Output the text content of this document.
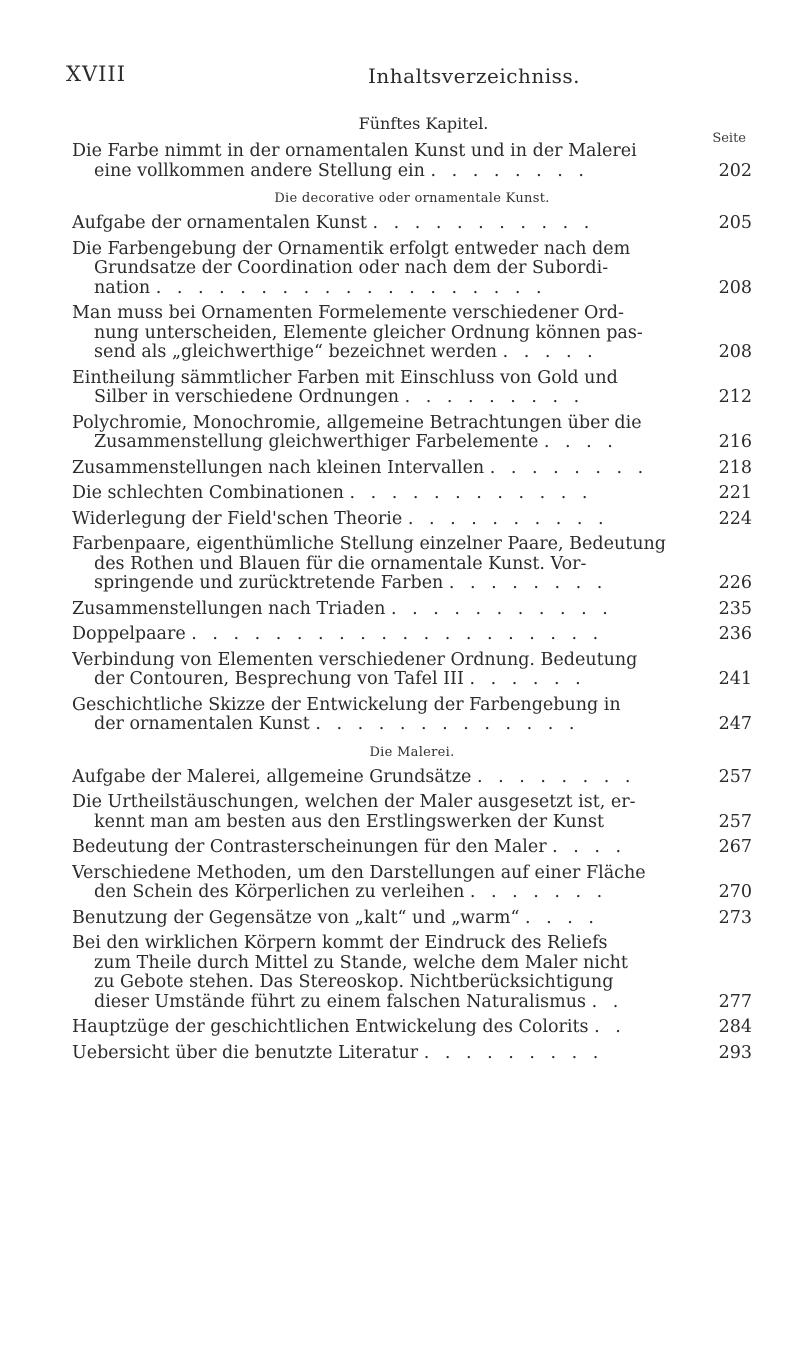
XVIII	Inhaltsverzeichniss.
Fünftes Kapitel.
Seite
Die Farbe nimmt in der ornamentalen Kunst und in der Malerei
eine vollkommen andere Stellung ein . . . . . . . .	202
Die decorative oder ornamentale Kunst.
Aufgabe der ornamentalen Kunst . . . . . . . . . . .	205
Die Farbengebung der Ornamentik erfolgt entweder nach dem
Grundsatze der Coordination oder nach dem der Subordi-
nation . . . . . . . . . . . . . . . . . . .	208
Man muss bei Ornamenten Formelemente verschiedener Ord-
nung unterscheiden, Elemente gleicher Ordnung können pas-
send als „gleichwerthige“ bezeichnet werden . . . . .	208
Eintheilung sämmtlicher Farben mit Einschluss von Gold und
Silber in verschiedene Ordnungen . . . . . . . . .	212
Polychromie, Monochromie, allgemeine Betrachtungen über die
Zusammenstellung gleichwerthiger Farbelemente . . . .	216
Zusammenstellungen nach kleinen Intervallen . . . . . . . .	218
Die schlechten Combinationen . . . . . . . . . . . .	221
Widerlegung der Field'schen Theorie . . . . . . . . . .	224
Farbenpaare, eigenthümliche Stellung einzelner Paare, Bedeutung
des Rothen und Blauen für die ornamentale Kunst. Vor-
springende und zurücktretende Farben . . . . . . . .	226
Zusammenstellungen nach Triaden . . . . . . . . . . .	235
Doppelpaare . . . . . . . . . . . . . . . . . . . .	236
Verbindung von Elementen verschiedener Ordnung. Bedeutung
der Contouren, Besprechung von Tafel III . . . . . .	241
Geschichtliche Skizze der Entwickelung der Farbengebung in
der ornamentalen Kunst . . . . . . . . . . . . .	247
Die Malerei.
Aufgabe der Malerei, allgemeine Grundsätze . . . . . . . .	257
Die Urtheilstäuschungen, welchen der Maler ausgesetzt ist, er-
kennt man am besten aus den Erstlingswerken der Kunst	257
Bedeutung der Contrasterscheinungen für den Maler . . . .	267
Verschiedene Methoden, um den Darstellungen auf einer Fläche
den Schein des Körperlichen zu verleihen . . . . . . .	270
Benutzung der Gegensätze von „kalt“ und „warm“ . . . .	273
Bei den wirklichen Körpern kommt der Eindruck des Reliefs
zum Theile durch Mittel zu Stande, welche dem Maler nicht
zu Gebote stehen. Das Stereoskop. Nichtberücksichtigung
dieser Umstände führt zu einem falschen Naturalismus . .	277
Hauptzüge der geschichtlichen Entwickelung des Colorits . .	284
Uebersicht über die benutzte Literatur . . . . . . . . .	293
